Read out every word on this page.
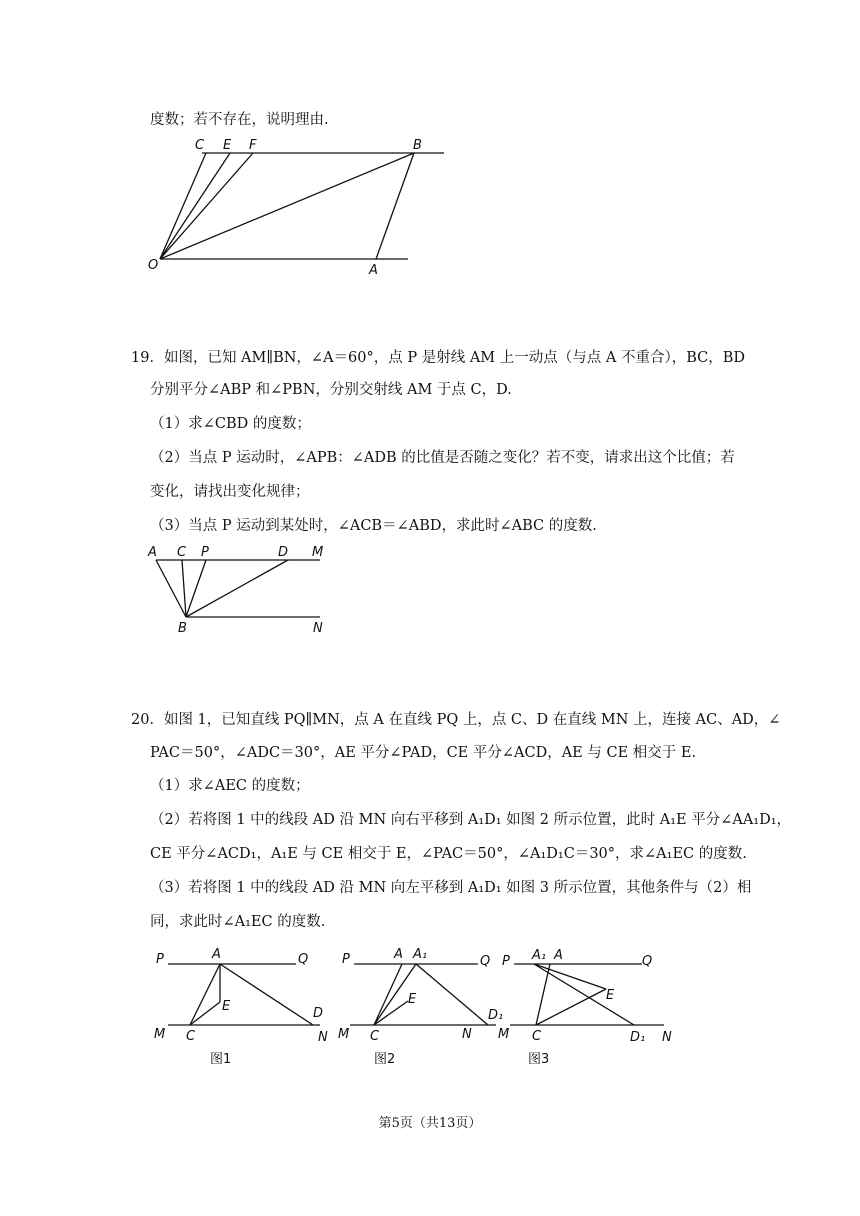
度数；若不存在，说明理由.
C E F	B
O	A
19．如图，已知 AM∥BN，∠A＝60°，点 P 是射线 AM 上一动点（与点 A 不重合），BC，BD
分别平分∠ABP 和∠PBN，分别交射线 AM 于点 C，D.
（1）求∠CBD 的度数；
（2）当点 P 运动时，∠APB：∠ADB 的比值是否随之变化？若不变，请求出这个比值；若
变化，请找出变化规律；
（3）当点 P 运动到某处时，∠ACB＝∠ABD，求此时∠ABC 的度数.
A C P	D M
B	N
20．如图 1，已知直线 PQ∥MN，点 A 在直线 PQ 上，点 C、D 在直线 MN 上，连接 AC、AD，∠
PAC＝50°，∠ADC＝30°，AE 平分∠PAD，CE 平分∠ACD，AE 与 CE 相交于 E.
（1）求∠AEC 的度数；
（2）若将图 1 中的线段 AD 沿 MN 向右平移到 A₁D₁ 如图 2 所示位置，此时 A₁E 平分∠AA₁D₁，
CE 平分∠ACD₁，A₁E 与 CE 相交于 E，∠PAC＝50°，∠A₁D₁C＝30°，求∠A₁EC 的度数.
（3）若将图 1 中的线段 AD 沿 MN 向左平移到 A₁D₁ 如图 3 所示位置，其他条件与（2）相
同，求此时∠A₁EC 的度数.
P	A	Q
E	D
M C	N
图1
P	A A₁	Q
E
D₁
M C	N
图2
P A₁ A	Q
E
M C	D₁ N
图3
第5页（共13页）
